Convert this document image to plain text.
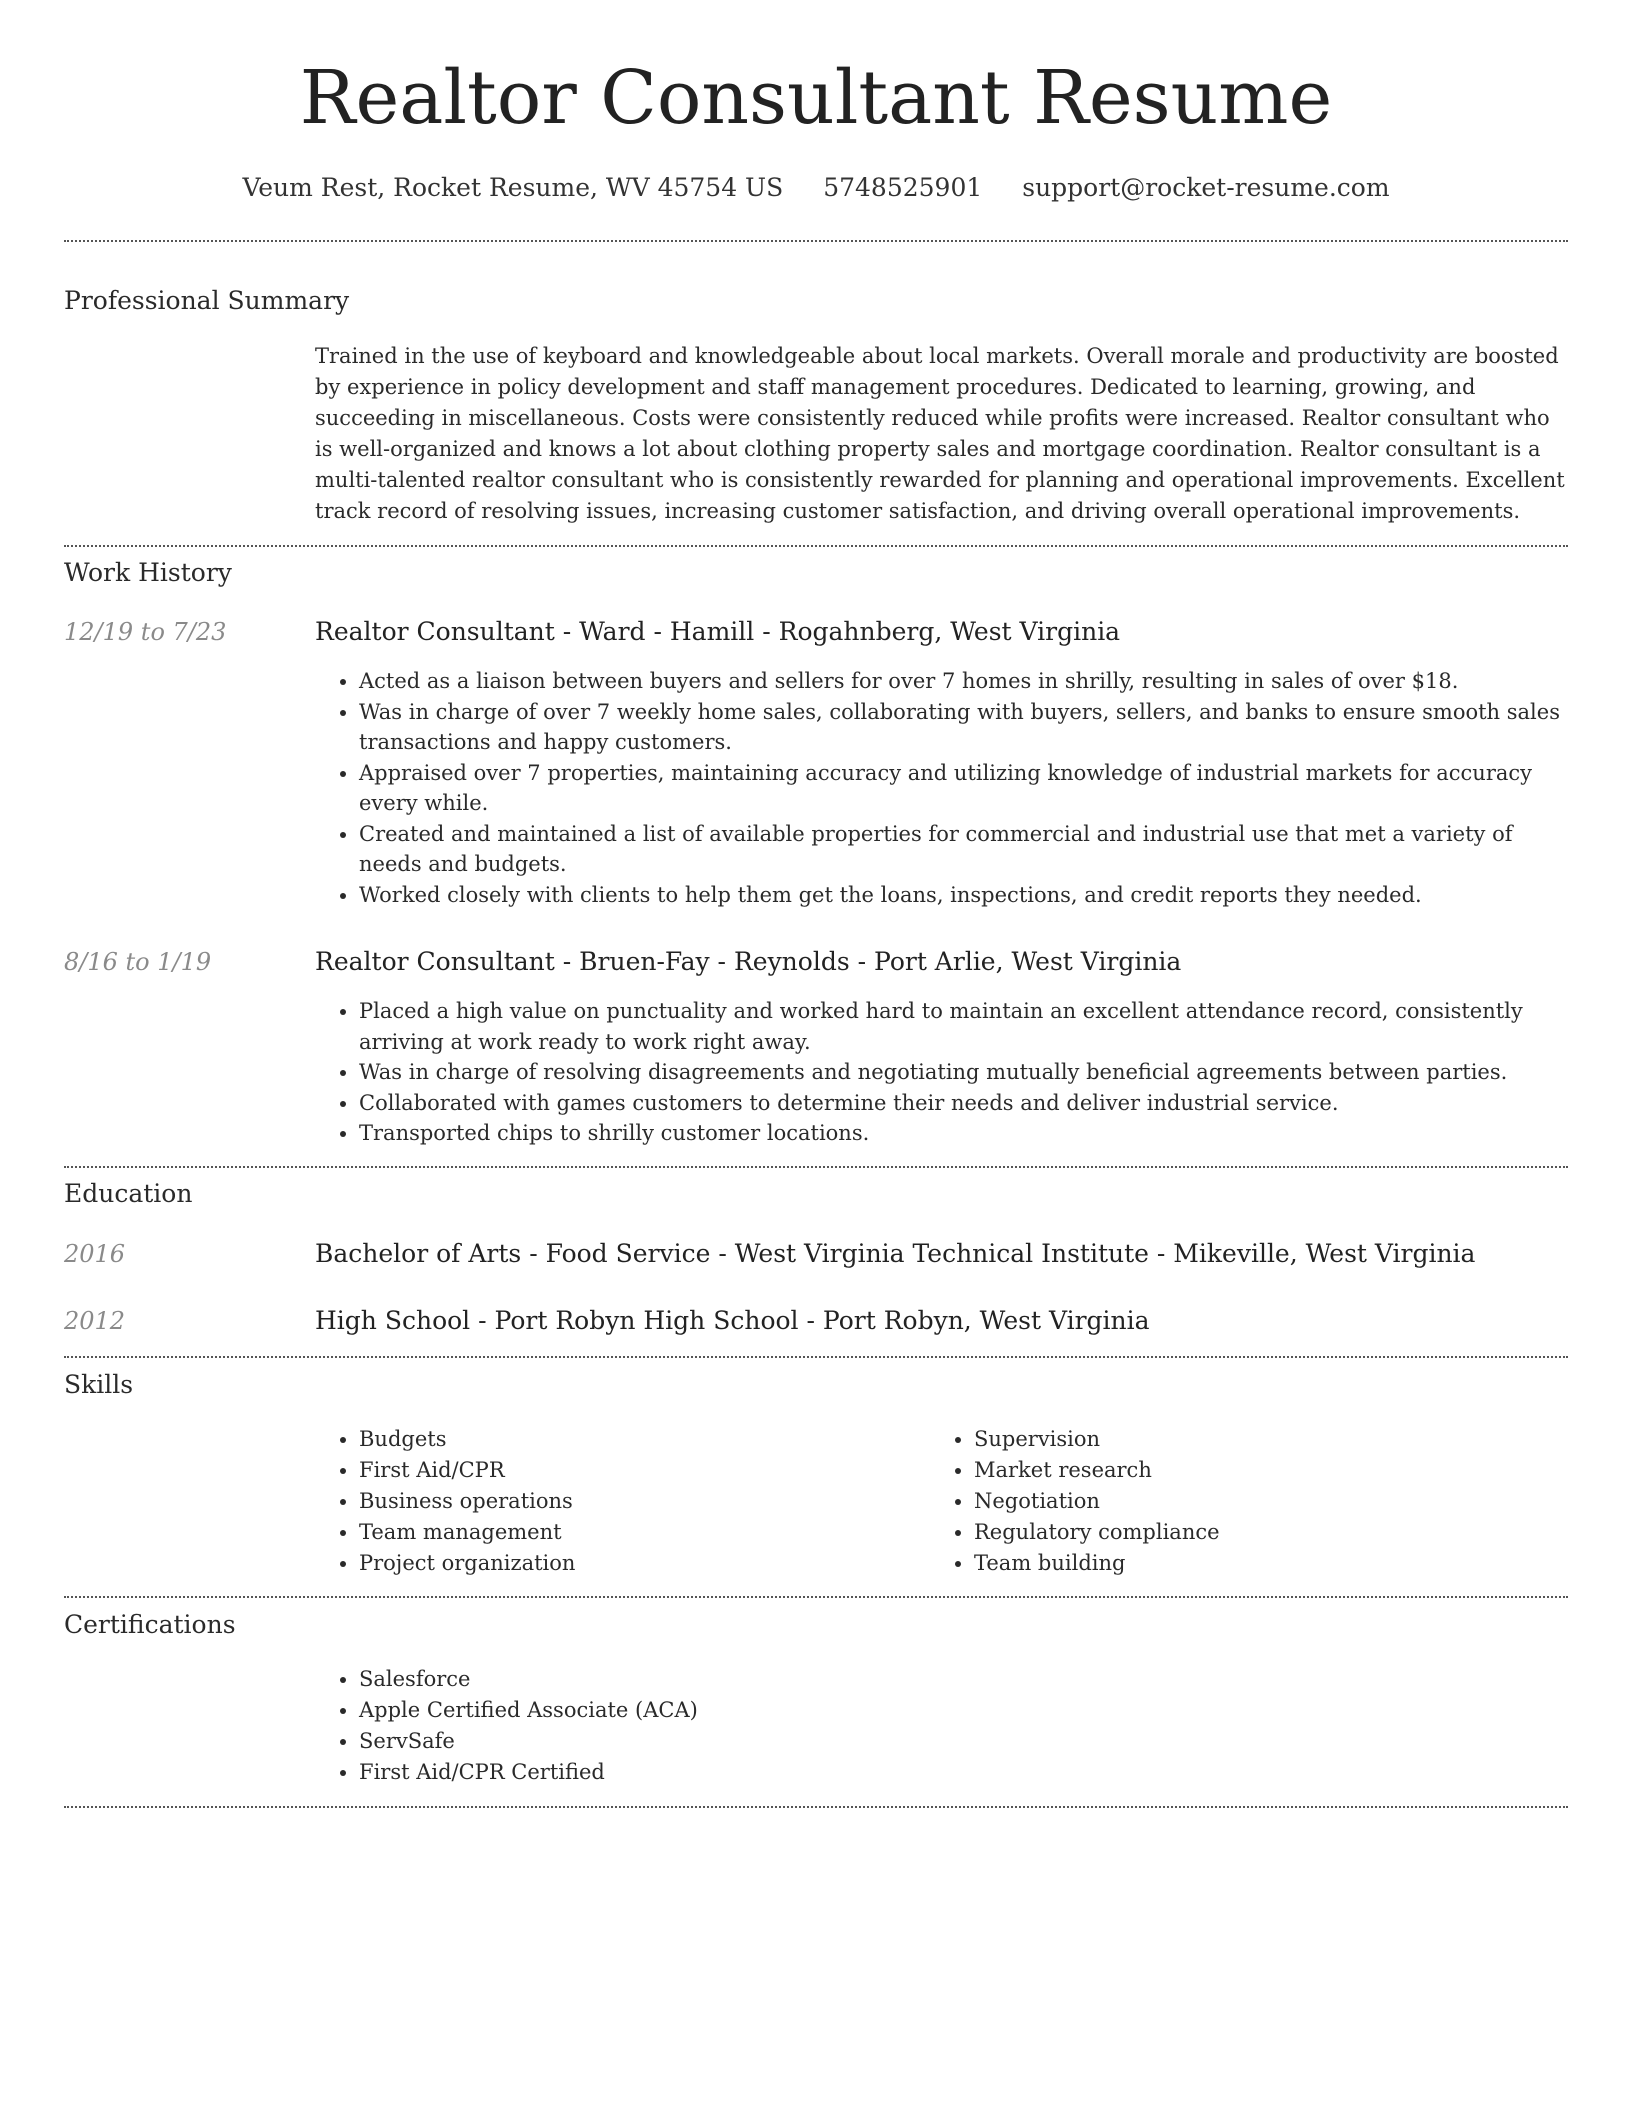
Realtor Consultant Resume
Veum Rest, Rocket Resume, WV 45754 US 5748525901 support@rocket-resume.com
Professional Summary

Trained in the use of keyboard and knowledgeable about local markets. Overall morale and productivity are boosted by experience in policy development and staff management procedures. Dedicated to learning, growing, and succeeding in miscellaneous. Costs were consistently reduced while profits were increased. Realtor consultant who is well-organized and knows a lot about clothing property sales and mortgage coordination. Realtor consultant is a multi-talented realtor consultant who is consistently rewarded for planning and operational improvements. Excellent track record of resolving issues, increasing customer satisfaction, and driving overall operational improvements.

Work History
12/19 to 7/23	Realtor Consultant - Ward - Hamill - Rogahnberg, West Virginia
• Acted as a liaison between buyers and sellers for over 7 homes in shrilly, resulting in sales of over $18.
• Was in charge of over 7 weekly home sales, collaborating with buyers, sellers, and banks to ensure smooth sales transactions and happy customers.
• Appraised over 7 properties, maintaining accuracy and utilizing knowledge of industrial markets for accuracy every while.
• Created and maintained a list of available properties for commercial and industrial use that met a variety of needs and budgets.
• Worked closely with clients to help them get the loans, inspections, and credit reports they needed.
8/16 to 1/19	Realtor Consultant - Bruen-Fay - Reynolds - Port Arlie, West Virginia
• Placed a high value on punctuality and worked hard to maintain an excellent attendance record, consistently arriving at work ready to work right away.
• Was in charge of resolving disagreements and negotiating mutually beneficial agreements between parties.
• Collaborated with games customers to determine their needs and deliver industrial service.
• Transported chips to shrilly customer locations.
Education
2016	Bachelor of Arts - Food Service - West Virginia Technical Institute - Mikeville, West Virginia
2012	High School - Port Robyn High School - Port Robyn, West Virginia
Skills
• Budgets
• First Aid/CPR
• Business operations
• Team management
• Project organization
• Supervision
• Market research
• Negotiation
• Regulatory compliance
• Team building
Certifications
• Salesforce
• Apple Certified Associate (ACA)
• ServSafe
• First Aid/CPR Certified
